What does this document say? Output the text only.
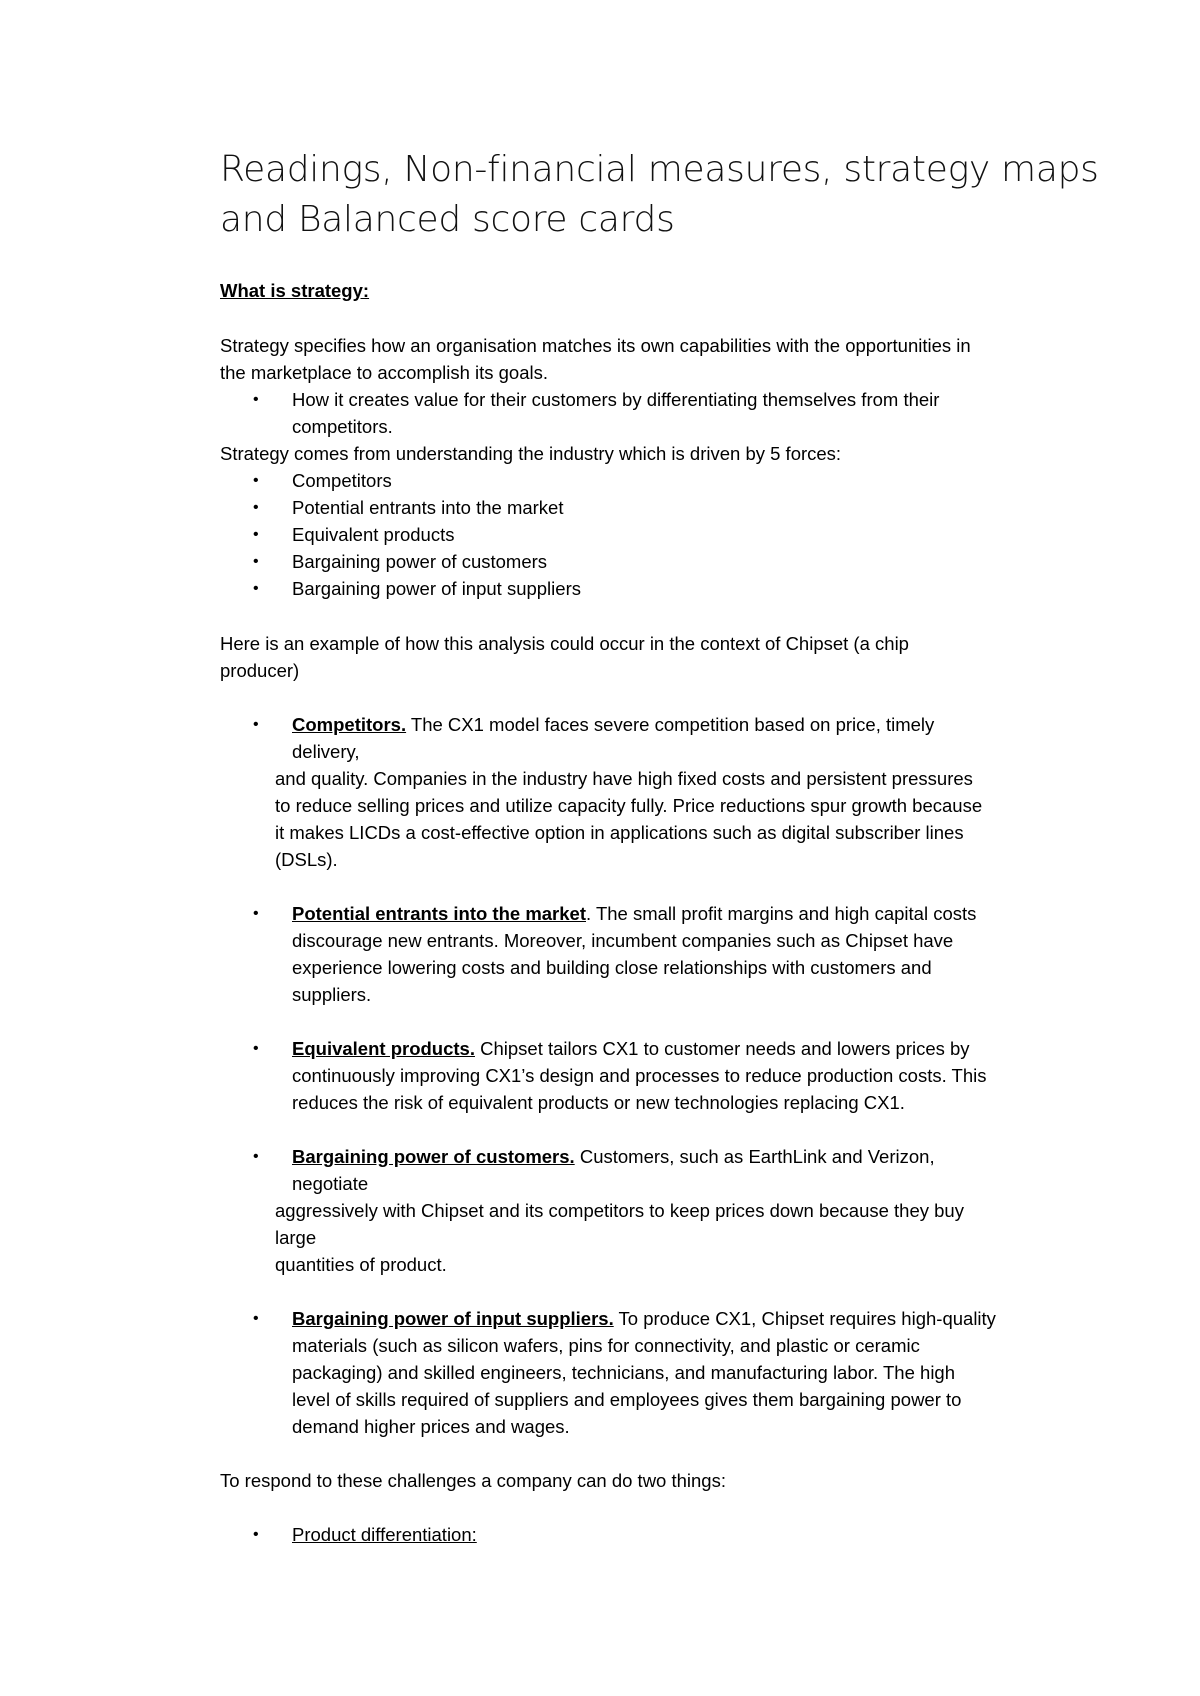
Readings, Non-financial measures, strategy maps
and Balanced score cards
What is strategy:
Strategy specifies how an organisation matches its own capabilities with the opportunities in
the marketplace to accomplish its goals.
•
How it creates value for their customers by differentiating themselves from their
competitors.
Strategy comes from understanding the industry which is driven by 5 forces:
•
Competitors
•
Potential entrants into the market
•
Equivalent products
•
Bargaining power of customers
•
Bargaining power of input suppliers
Here is an example of how this analysis could occur in the context of Chipset (a chip
producer)
•
Competitors. The CX1 model faces severe competition based on price, timely
delivery,
and quality. Companies in the industry have high fixed costs and persistent pressures
to reduce selling prices and utilize capacity fully. Price reductions spur growth because
it makes LICDs a cost-effective option in applications such as digital subscriber lines
(DSLs).
•
Potential entrants into the market. The small profit margins and high capital costs
discourage new entrants. Moreover, incumbent companies such as Chipset have
experience lowering costs and building close relationships with customers and
suppliers.
•
Equivalent products. Chipset tailors CX1 to customer needs and lowers prices by
continuously improving CX1’s design and processes to reduce production costs. This
reduces the risk of equivalent products or new technologies replacing CX1.
•
Bargaining power of customers. Customers, such as EarthLink and Verizon,
negotiate
aggressively with Chipset and its competitors to keep prices down because they buy
large
quantities of product.
•
Bargaining power of input suppliers. To produce CX1, Chipset requires high-quality
materials (such as silicon wafers, pins for connectivity, and plastic or ceramic
packaging) and skilled engineers, technicians, and manufacturing labor. The high
level of skills required of suppliers and employees gives them bargaining power to
demand higher prices and wages.
To respond to these challenges a company can do two things:
•
Product differentiation:
